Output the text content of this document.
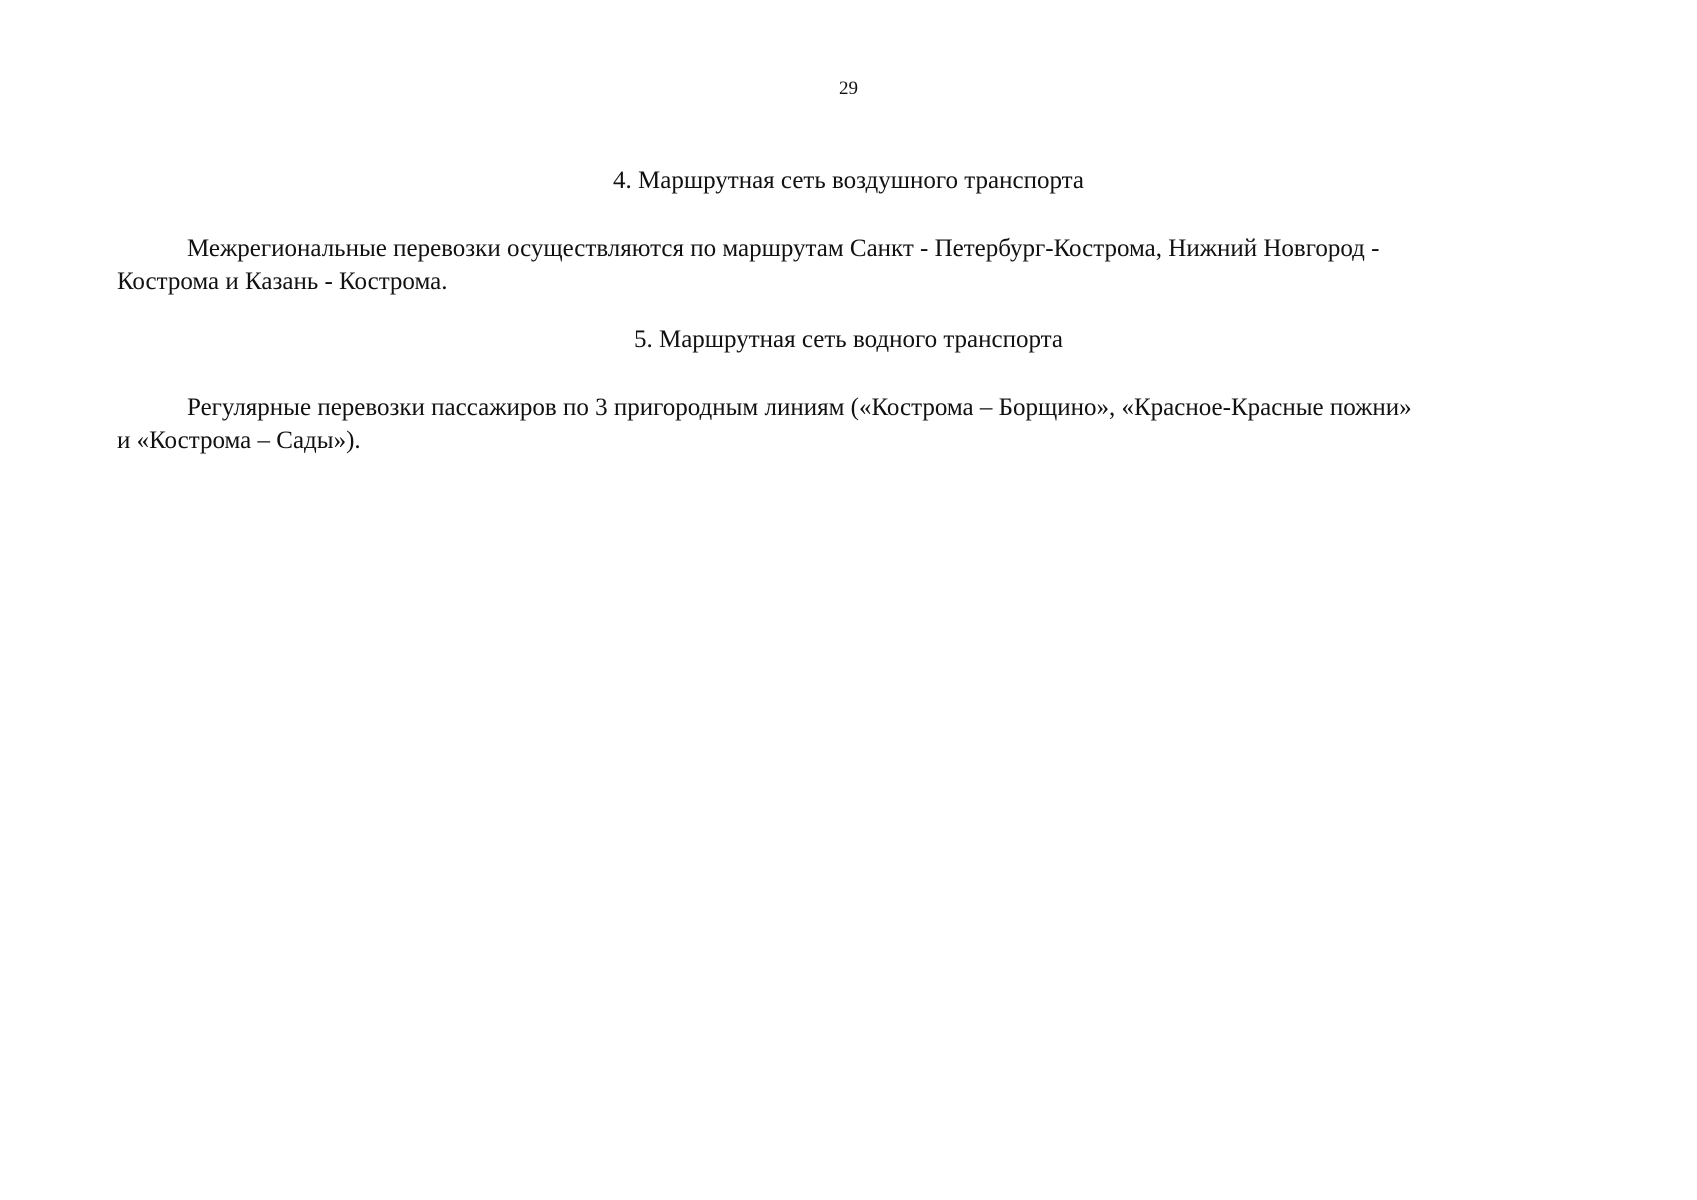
29
4. Маршрутная сеть воздушного транспорта
Межрегиональные перевозки осуществляются по маршрутам Санкт - Петербург-Кострома, Нижний Новгород -
Кострома и Казань - Кострома.
5. Маршрутная сеть водного транспорта
Регулярные перевозки пассажиров по 3 пригородным линиям («Кострома – Борщино», «Красное-Красные пожни»
и «Кострома – Сады»).
